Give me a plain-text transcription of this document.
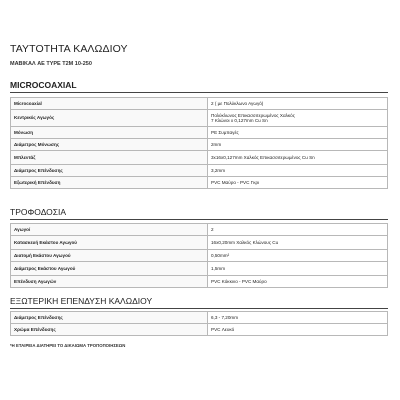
ΤΑΥΤΟΤΗΤΑ ΚΑΛΩΔΙΟΥ
ΜΑΒΙΚΑΛ AE TYPE T2M 10-250
MICROCOAXIAL
Microcoaxial	2 ( με Πολύκλωνο Αγωγό)

Κεντρικός Αγωγός	Πολύκλωνος Επικασσιτερωμένος Χαλκός
7 Κλώνοι x 0,127mm Cu Sn

Μόνωση	PE Συμπαγές

Διάμετρος Μόνωσης	2mm

Μπλεντάζ	3x16x0,127mm Χαλκός Επικασσιτερωμένος Cu Sn

Διάμετρος Επένδυσης	3,2mm

Εξωτερική Επένδυση	PVC Μαύρο - PVC Γκρι
ΤΡΟΦΟΔΟΣΙΑ
Αγωγοί	2

Κατασκευή Εκάστου Αγωγού	16x0,20mm Χαλκός Κλώνους Cu

Διατομή Εκάστου Αγωγού	0,50mm²

Διάμετρος Εκάστου Αγωγού	1,5mm

Επένδυση Αγωγών	PVC Κόκκινο - PVC Μαύρο
ΕΞΩΤΕΡΙΚΗ ΕΠΕΝΔΥΣΗ ΚΑΛΩΔΙΟΥ
Διάμετρος Επένδυσης	6,3 - 7,20mm

Χρώμα Επένδυσης	PVC Λευκό
*Η ΕΤΑΙΡΕΙΑ ΔΙΑΤΗΡΕΙ ΤΟ ΔΙΚΑΙΩΜΑ ΤΡΟΠΟΠΟΙΗΣΕΩΝ
